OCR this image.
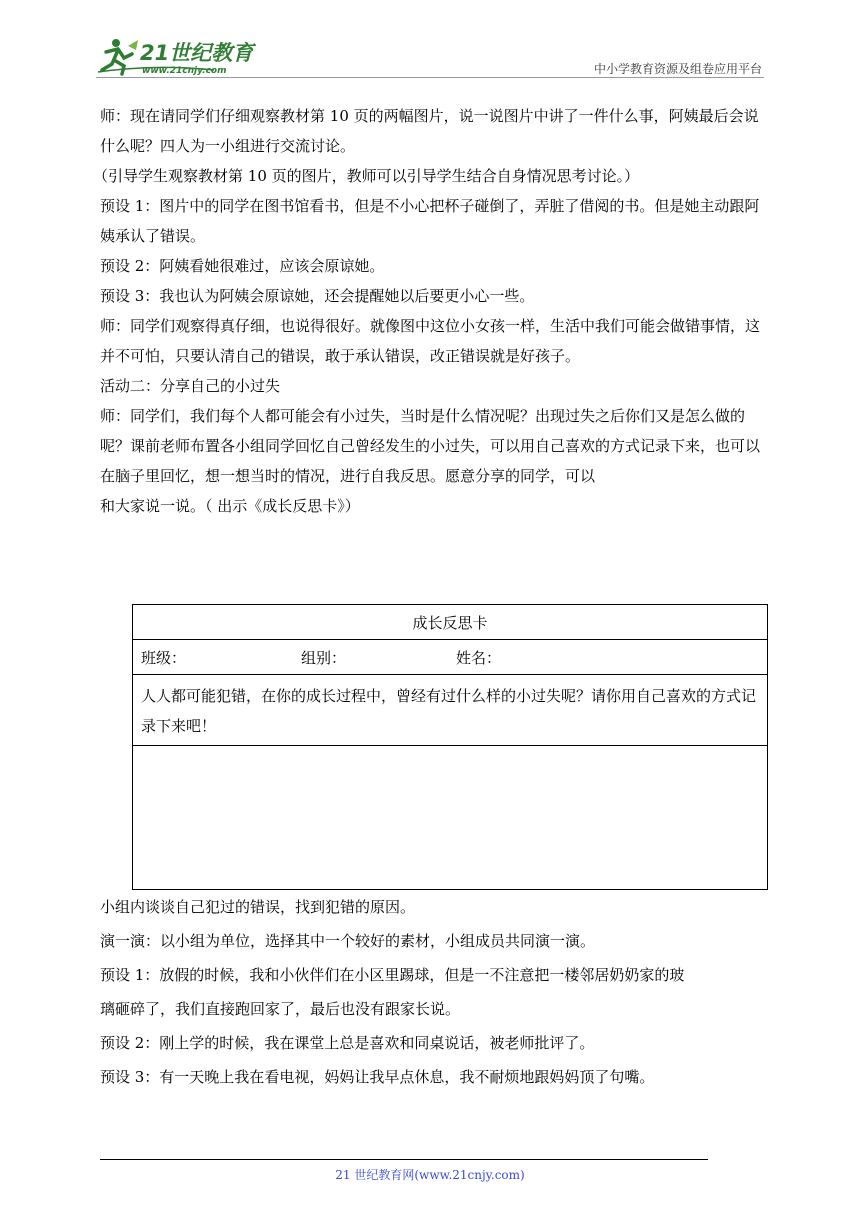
21世纪教育
www.21cnjy.com	中小学教育资源及组卷应用平台

师：现在请同学们仔细观察教材第 10 页的两幅图片，说一说图片中讲了一件什么事，阿姨最后会说什么呢？四人为一小组进行交流讨论。

（引导学生观察教材第 10 页的图片，教师可以引导学生结合自身情况思考讨论。）

预设 1：图片中的同学在图书馆看书，但是不小心把杯子碰倒了，弄脏了借阅的书。但是她主动跟阿姨承认了错误。

预设 2：阿姨看她很难过，应该会原谅她。

预设 3：我也认为阿姨会原谅她，还会提醒她以后要更小心一些。

师：同学们观察得真仔细，也说得很好。就像图中这位小女孩一样，生活中我们可能会做错事情，这并不可怕，只要认清自己的错误，敢于承认错误，改正错误就是好孩子。

活动二：分享自己的小过失

师：同学们，我们每个人都可能会有小过失，当时是什么情况呢？出现过失之后你们又是怎么做的呢？课前老师布置各小组同学回忆自己曾经发生的小过失，可以用自己喜欢的方式记录下来，也可以在脑子里回忆，想一想当时的情况，进行自我反思。愿意分享的同学，可以

和大家说一说。（ 出示《成长反思卡》）

成长反思卡
班级：	组别：	姓名：
人人都可能犯错，在你的成长过程中，曾经有过什么样的小过失呢？请你用自己喜欢的方式记录下来吧！

小组内谈谈自己犯过的错误，找到犯错的原因。

演一演：以小组为单位，选择其中一个较好的素材，小组成员共同演一演。

预设 1：放假的时候，我和小伙伴们在小区里踢球，但是一不注意把一楼邻居奶奶家的玻

璃砸碎了，我们直接跑回家了，最后也没有跟家长说。

预设 2：刚上学的时候，我在课堂上总是喜欢和同桌说话，被老师批评了。

预设 3：有一天晚上我在看电视，妈妈让我早点休息，我不耐烦地跟妈妈顶了句嘴。

21 世纪教育网(www.21cnjy.com)
